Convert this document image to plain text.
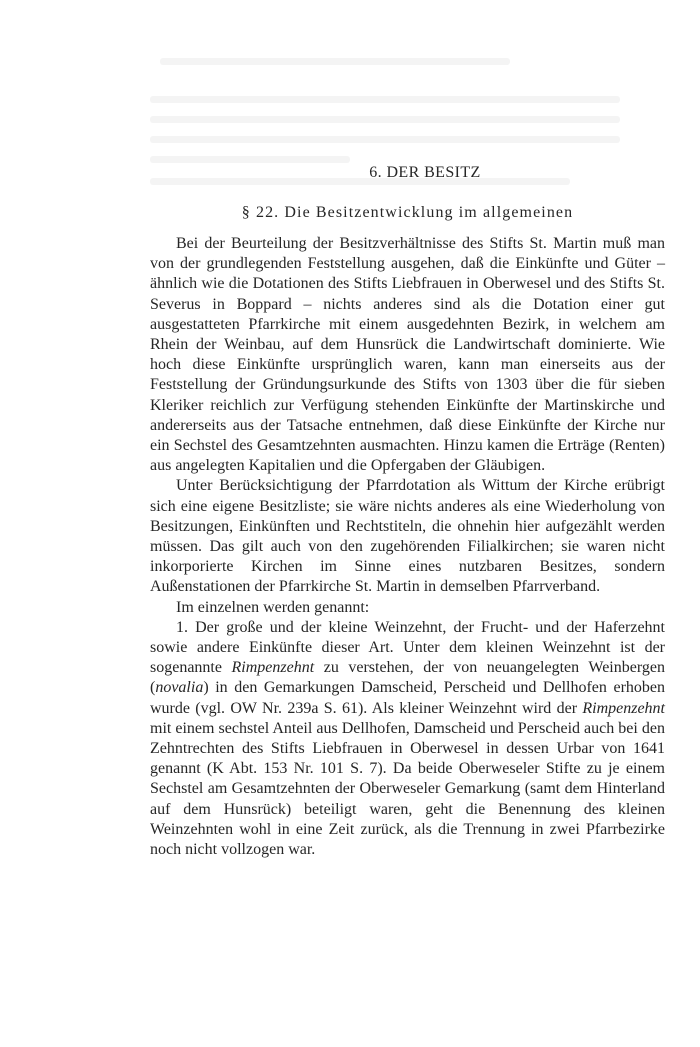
6. DER BESITZ
§ 22. Die Besitzentwicklung im allgemeinen

Bei der Beurteilung der Besitzverhältnisse des Stifts St. Martin muß man von der grundlegenden Feststellung ausgehen, daß die Einkünfte und Güter – ähnlich wie die Dotationen des Stifts Liebfrauen in Oberwesel und des Stifts St. Severus in Boppard – nichts anderes sind als die Dotation einer gut ausgestatteten Pfarrkirche mit einem ausgedehnten Bezirk, in welchem am Rhein der Weinbau, auf dem Hunsrück die Landwirtschaft dominierte. Wie hoch diese Einkünfte ursprünglich waren, kann man einerseits aus der Feststellung der Gründungsurkunde des Stifts von 1303 über die für sieben Kleriker reichlich zur Verfügung stehenden Einkünfte der Martinskirche und andererseits aus der Tatsache entnehmen, daß diese Einkünfte der Kirche nur ein Sechstel des Gesamtzehnten ausmachten. Hinzu kamen die Erträge (Renten) aus angelegten Kapitalien und die Opfergaben der Gläubigen.

Unter Berücksichtigung der Pfarrdotation als Wittum der Kirche erübrigt sich eine eigene Besitzliste; sie wäre nichts anderes als eine Wiederholung von Besitzungen, Einkünften und Rechtstiteln, die ohnehin hier aufgezählt werden müssen. Das gilt auch von den zugehörenden Filialkirchen; sie waren nicht inkorporierte Kirchen im Sinne eines nutzbaren Besitzes, sondern Außenstationen der Pfarrkirche St. Martin in demselben Pfarrverband.

Im einzelnen werden genannt:

1. Der große und der kleine Weinzehnt, der Frucht- und der Haferzehnt sowie andere Einkünfte dieser Art. Unter dem kleinen Weinzehnt ist der sogenannte Rimpenzehnt zu verstehen, der von neuangelegten Weinbergen (novalia) in den Gemarkungen Damscheid, Perscheid und Dellhofen erhoben wurde (vgl. OW Nr. 239a S. 61). Als kleiner Weinzehnt wird der Rimpenzehnt mit einem sechstel Anteil aus Dellhofen, Damscheid und Perscheid auch bei den Zehntrechten des Stifts Liebfrauen in Oberwesel in dessen Urbar von 1641 genannt (K Abt. 153 Nr. 101 S. 7). Da beide Oberweseler Stifte zu je einem Sechstel am Gesamtzehnten der Oberweseler Gemarkung (samt dem Hinterland auf dem Hunsrück) beteiligt waren, geht die Benennung des kleinen Weinzehnten wohl in eine Zeit zurück, als die Trennung in zwei Pfarrbezirke noch nicht vollzogen war.
